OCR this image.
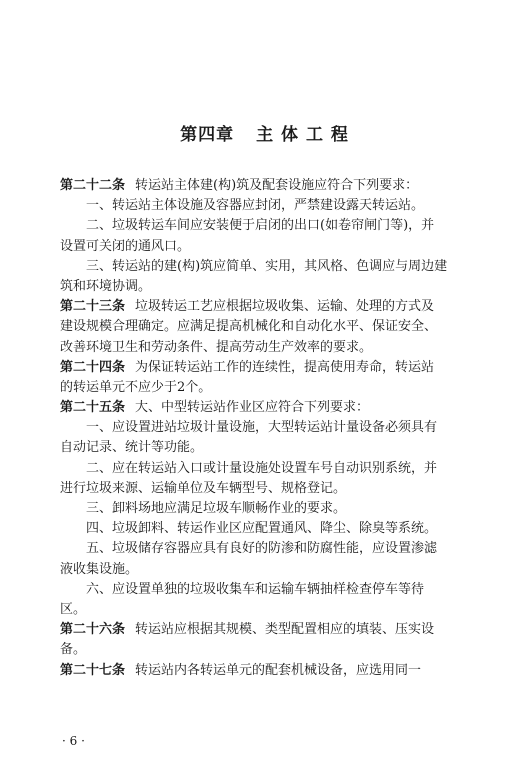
第四章 主 体 工 程
第二十二条 转运站主体建(构)筑及配套设施应符合下列要求：
一、转运站主体设施及容器应封闭，严禁建设露天转运站。
二、垃圾转运车间应安装便于启闭的出口(如卷帘闸门等)，并
设置可关闭的通风口。
三、转运站的建(构)筑应简单、实用，其风格、色调应与周边建
筑和环境协调。
第二十三条 垃圾转运工艺应根据垃圾收集、运输、处理的方式及
建设规模合理确定。应满足提高机械化和自动化水平、保证安全、
改善环境卫生和劳动条件、提高劳动生产效率的要求。
第二十四条 为保证转运站工作的连续性，提高使用寿命，转运站
的转运单元不应少于2个。
第二十五条 大、中型转运站作业区应符合下列要求：
一、应设置进站垃圾计量设施，大型转运站计量设备必须具有
自动记录、统计等功能。
二、应在转运站入口或计量设施处设置车号自动识别系统，并
进行垃圾来源、运输单位及车辆型号、规格登记。
三、卸料场地应满足垃圾车顺畅作业的要求。
四、垃圾卸料、转运作业区应配置通风、降尘、除臭等系统。
五、垃圾储存容器应具有良好的防渗和防腐性能，应设置渗滤
液收集设施。
六、应设置单独的垃圾收集车和运输车辆抽样检查停车等待
区。
第二十六条 转运站应根据其规模、类型配置相应的填装、压实设
备。
第二十七条 转运站内各转运单元的配套机械设备，应选用同一
· 6 ·
